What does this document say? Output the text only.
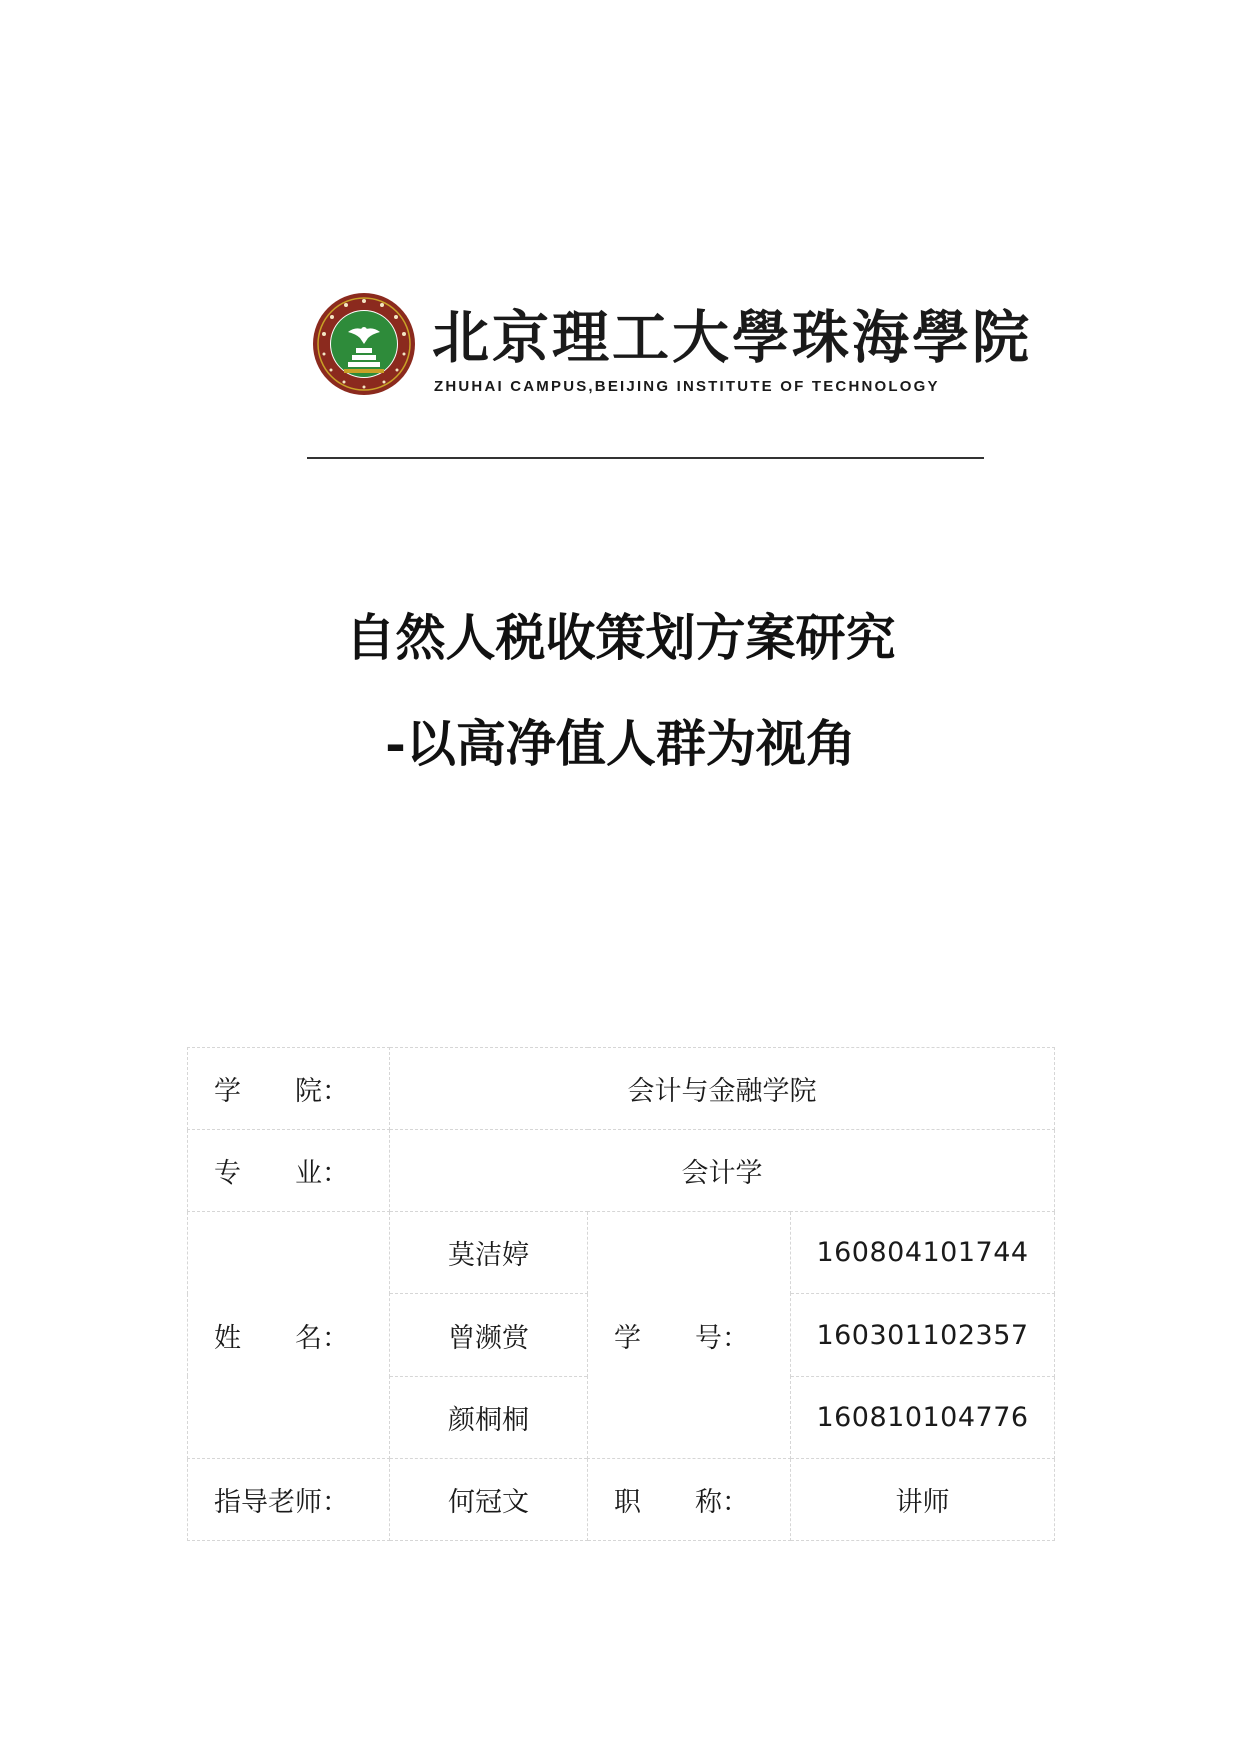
北京理工大學珠海學院
ZHUHAI CAMPUS,BEIJING INSTITUTE OF TECHNOLOGY
自然人税收策划方案研究
-以高净值人群为视角
学　　院：	会计与金融学院		
专　　业：	会计学		
姓　　名：	莫洁婷	学　　号：	160804101744
	曾濒赏		160301102357
	颜桐桐		160810104776
指导老师：	何冠文	职　　称：	讲师
